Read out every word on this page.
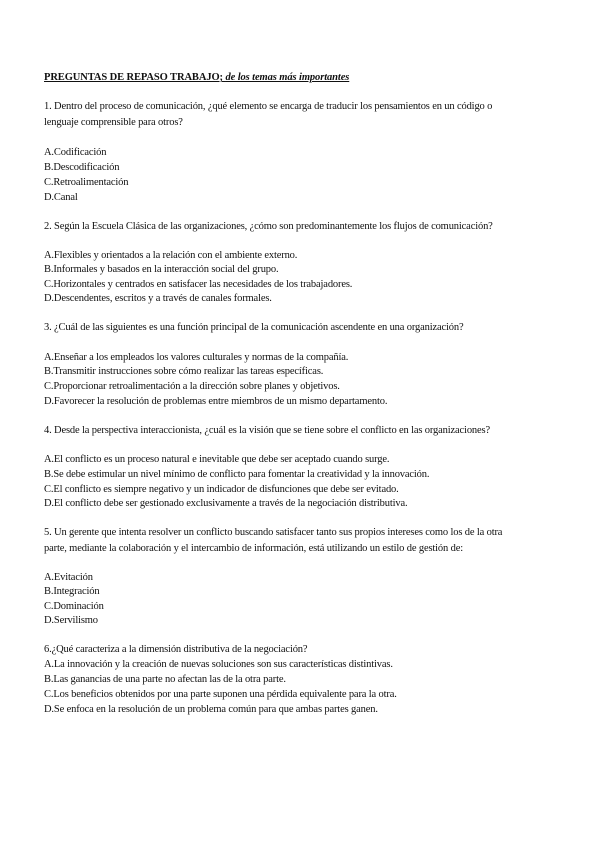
PREGUNTAS DE REPASO TRABAJO; de los temas más importantes
1. Dentro del proceso de comunicación, ¿qué elemento se encarga de traducir los pensamientos en un código o
lenguaje comprensible para otros?
A.Codificación
B.Descodificación
C.Retroalimentación
D.Canal
2. Según la Escuela Clásica de las organizaciones, ¿cómo son predominantemente los flujos de comunicación?
A.Flexibles y orientados a la relación con el ambiente externo.
B.Informales y basados en la interacción social del grupo.
C.Horizontales y centrados en satisfacer las necesidades de los trabajadores.
D.Descendentes, escritos y a través de canales formales.
3. ¿Cuál de las siguientes es una función principal de la comunicación ascendente en una organización?
A.Enseñar a los empleados los valores culturales y normas de la compañía.
B.Transmitir instrucciones sobre cómo realizar las tareas específicas.
C.Proporcionar retroalimentación a la dirección sobre planes y objetivos.
D.Favorecer la resolución de problemas entre miembros de un mismo departamento.
4. Desde la perspectiva interaccionista, ¿cuál es la visión que se tiene sobre el conflicto en las organizaciones?
A.El conflicto es un proceso natural e inevitable que debe ser aceptado cuando surge.
B.Se debe estimular un nivel mínimo de conflicto para fomentar la creatividad y la innovación.
C.El conflicto es siempre negativo y un indicador de disfunciones que debe ser evitado.
D.El conflicto debe ser gestionado exclusivamente a través de la negociación distributiva.
5. Un gerente que intenta resolver un conflicto buscando satisfacer tanto sus propios intereses como los de la otra
parte, mediante la colaboración y el intercambio de información, está utilizando un estilo de gestión de:
A.Evitación
B.Integración
C.Dominación
D.Servilismo
6.¿Qué caracteriza a la dimensión distributiva de la negociación?
A.La innovación y la creación de nuevas soluciones son sus características distintivas.
B.Las ganancias de una parte no afectan las de la otra parte.
C.Los beneficios obtenidos por una parte suponen una pérdida equivalente para la otra.
D.Se enfoca en la resolución de un problema común para que ambas partes ganen.
